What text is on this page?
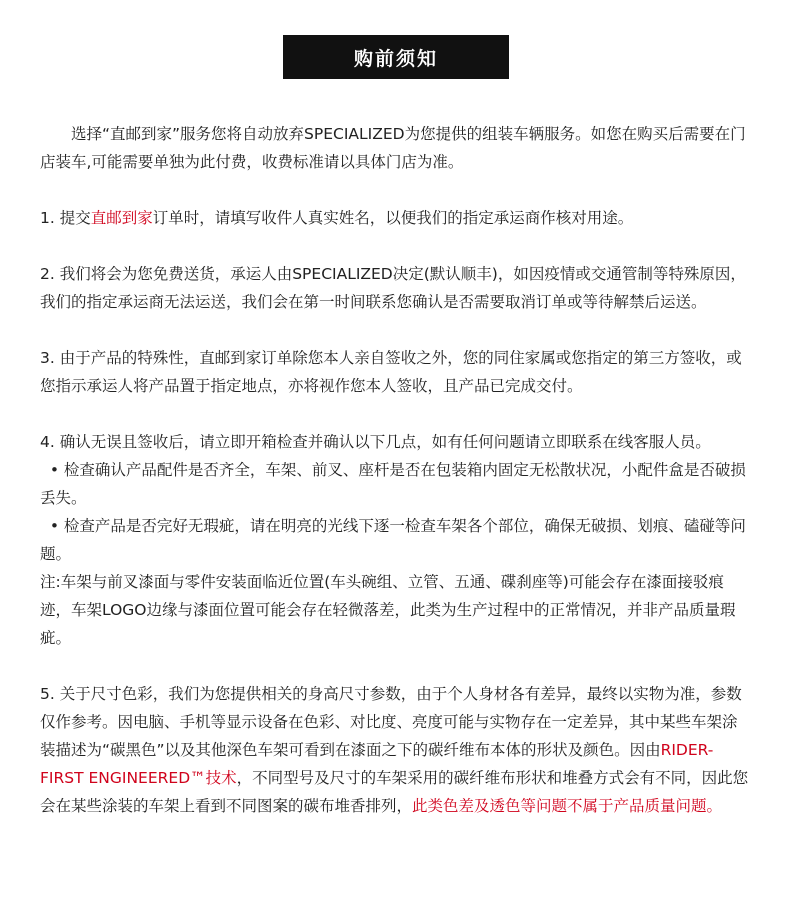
购前须知

选择“直邮到家”服务您将自动放弃SPECIALIZED为您提供的组装车辆服务。如您在购买后需要在门店装车,可能需要单独为此付费，收费标准请以具体门店为准。

1. 提交直邮到家订单时，请填写收件人真实姓名，以便我们的指定承运商作核对用途。

2. 我们将会为您免费送货，承运人由SPECIALIZED决定(默认顺丰)，如因疫情或交通管制等特殊原因，我们的指定承运商无法运送，我们会在第一时间联系您确认是否需要取消订单或等待解禁后运送。

3. 由于产品的特殊性，直邮到家订单除您本人亲自签收之外，您的同住家属或您指定的第三方签收，或您指示承运人将产品置于指定地点，亦将视作您本人签收，且产品已完成交付。

4. 确认无误且签收后，请立即开箱检查并确认以下几点，如有任何问题请立即联系在线客服人员。

• 检查确认产品配件是否齐全，车架、前叉、座杆是否在包装箱内固定无松散状况，小配件盒是否破损丢失。

• 检查产品是否完好无瑕疵，请在明亮的光线下逐一检查车架各个部位，确保无破损、划痕、磕碰等问题。

注:车架与前叉漆面与零件安装面临近位置(车头碗组、立管、五通、碟刹座等)可能会存在漆面接驳痕迹，车架LOGO边缘与漆面位置可能会存在轻微落差，此类为生产过程中的正常情况，并非产品质量瑕疵。

5. 关于尺寸色彩，我们为您提供相关的身高尺寸参数，由于个人身材各有差异，最终以实物为准，参数仅作参考。因电脑、手机等显示设备在色彩、对比度、亮度可能与实物存在一定差异，其中某些车架涂装描述为“碳黑色”以及其他深色车架可看到在漆面之下的碳纤维布本体的形状及颜色。因由RIDER-FIRST ENGINEERED™技术，不同型号及尺寸的车架采用的碳纤维布形状和堆叠方式会有不同，因此您会在某些涂装的车架上看到不同图案的碳布堆香排列，此类色差及透色等问题不属于产品质量问题。
